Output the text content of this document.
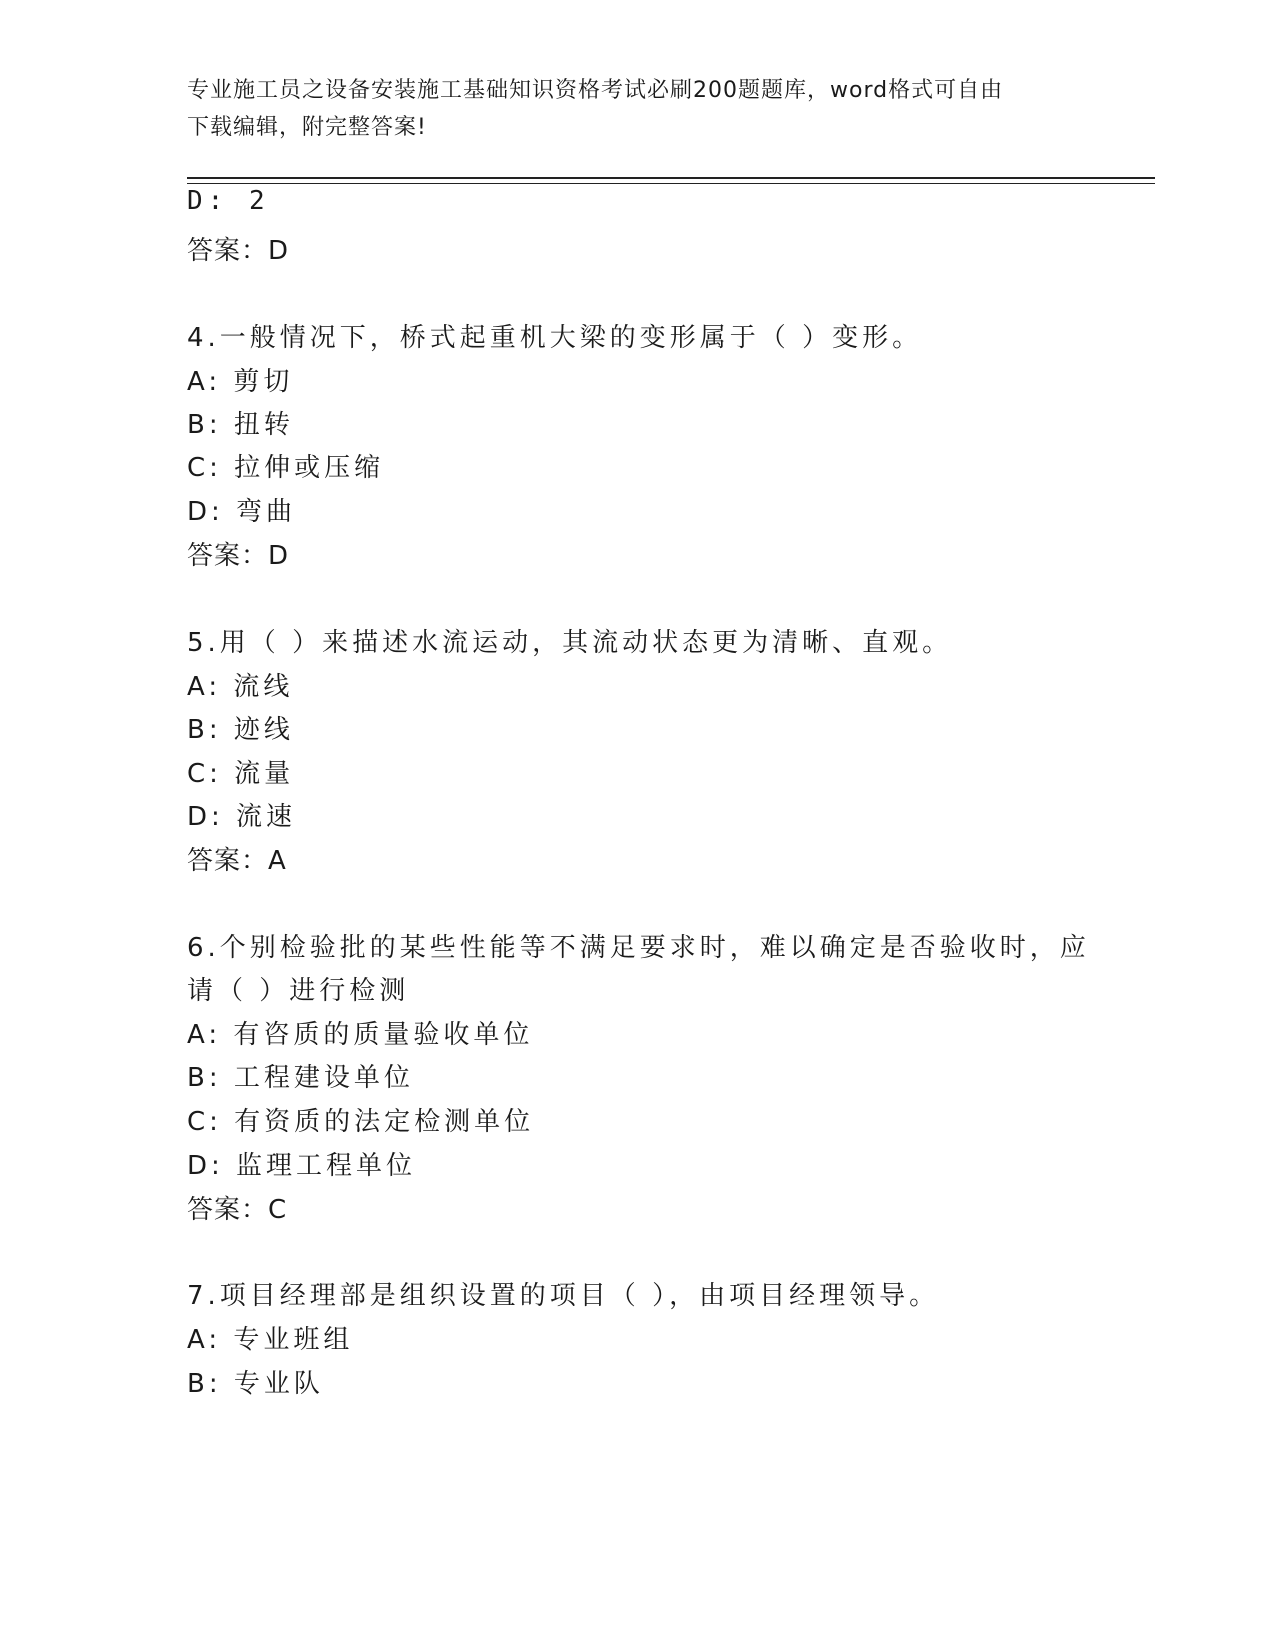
专业施工员之设备安装施工基础知识资格考试必刷200题题库，word格式可自由
下载编辑，附完整答案!
D: 2
答案：D
4.一般情况下，桥式起重机大梁的变形属于（ ）变形。
A: 剪切
B: 扭转
C: 拉伸或压缩
D: 弯曲
答案：D
5.用（ ）来描述水流运动，其流动状态更为清晰、直观。
A: 流线
B: 迹线
C: 流量
D: 流速
答案：A
6.个别检验批的某些性能等不满足要求时，难以确定是否验收时，应
请（ ）进行检测
A: 有咨质的质量验收单位
B: 工程建设单位
C: 有资质的法定检测单位
D: 监理工程单位
答案：C
7.项目经理部是组织设置的项目（ ），由项目经理领导。
A: 专业班组
B: 专业队
